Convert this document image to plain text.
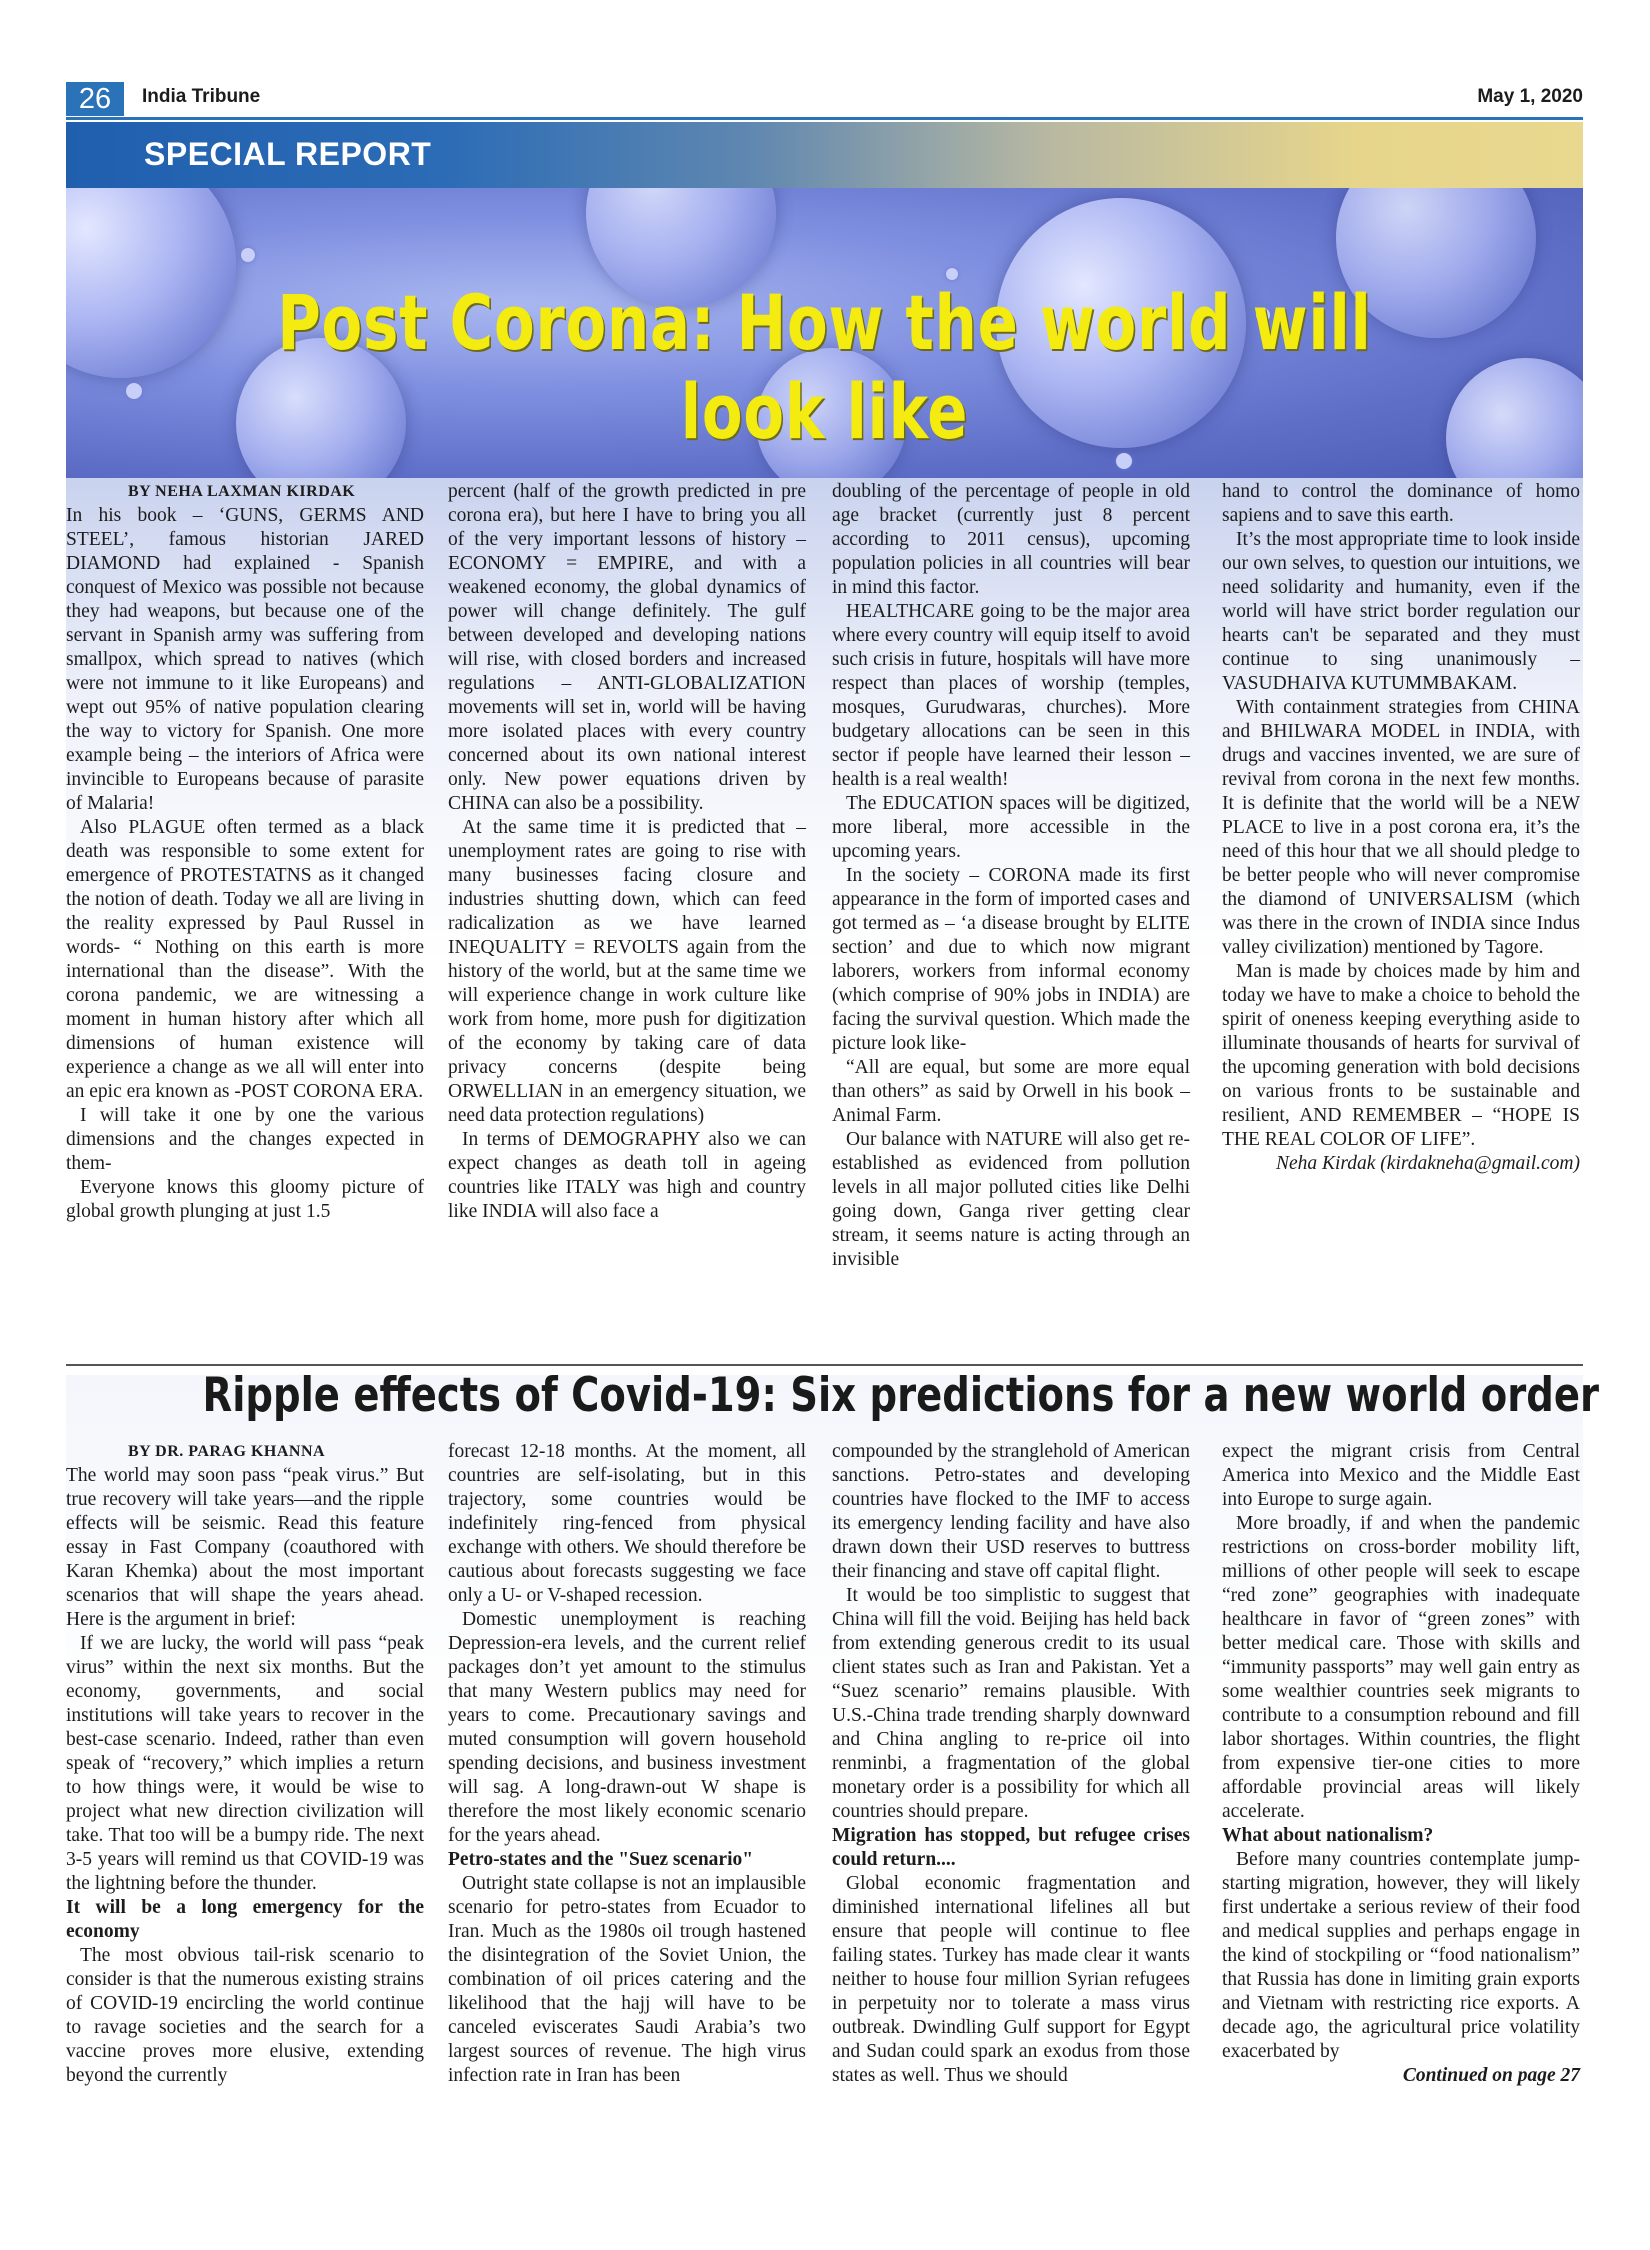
26	India Tribune	May 1, 2020
SPECIAL REPORT
Post Corona: How the world will look like
BY NEHA LAXMAN KIRDAK

In his book – ‘GUNS, GERMS AND STEEL’, famous historian JARED DIAMOND had explained - Spanish conquest of Mexico was possible not because they had weapons, but because one of the servant in Spanish army was suffering from smallpox, which spread to natives (which were not immune to it like Europeans) and wept out 95% of native population clearing the way to victory for Spanish. One more example being – the interiors of Africa were invincible to Europeans because of parasite of Malaria!

Also PLAGUE often termed as a black death was responsible to some extent for emergence of PROTESTATNS as it changed the notion of death. Today we all are living in the reality expressed by Paul Russel in words- “ Nothing on this earth is more international than the disease”. With the corona pandemic, we are witnessing a moment in human history after which all dimensions of human existence will experience a change as we all will enter into an epic era known as -POST CORONA ERA.

I will take it one by one the various dimensions and the changes expected in them-

Everyone knows this gloomy picture of global growth plunging at just 1.5

percent (half of the growth predicted in pre corona era), but here I have to bring you all of the very important lessons of history – ECONOMY = EMPIRE, and with a weakened economy, the global dynamics of power will change definitely. The gulf between developed and developing nations will rise, with closed borders and increased regulations – ANTI-GLOBALIZATION movements will set in, world will be having more isolated places with every country concerned about its own national interest only. New power equations driven by CHINA can also be a possibility.

At the same time it is predicted that – unemployment rates are going to rise with many businesses facing closure and industries shutting down, which can feed radicalization as we have learned INEQUALITY = REVOLTS again from the history of the world, but at the same time we will experience change in work culture like work from home, more push for digitization of the economy by taking care of data privacy concerns (despite being ORWELLIAN in an emergency situation, we need data protection regulations)

In terms of DEMOGRAPHY also we can expect changes as death toll in ageing countries like ITALY was high and country like INDIA will also face a

doubling of the percentage of people in old age bracket (currently just 8 percent according to 2011 census), upcoming population policies in all countries will bear in mind this factor.

HEALTHCARE going to be the major area where every country will equip itself to avoid such crisis in future, hospitals will have more respect than places of worship (temples, mosques, Gurudwaras, churches). More budgetary allocations can be seen in this sector if people have learned their lesson – health is a real wealth!

The EDUCATION spaces will be digitized, more liberal, more accessible in the upcoming years.

In the society – CORONA made its first appearance in the form of imported cases and got termed as – ‘a disease brought by ELITE section’ and due to which now migrant laborers, workers from informal economy (which comprise of 90% jobs in INDIA) are facing the survival question. Which made the picture look like-

“All are equal, but some are more equal than others” as said by Orwell in his book –Animal Farm.

Our balance with NATURE will also get re-established as evidenced from pollution levels in all major polluted cities like Delhi going down, Ganga river getting clear stream, it seems nature is acting through an invisible

hand to control the dominance of homo sapiens and to save this earth.

It’s the most appropriate time to look inside our own selves, to question our intuitions, we need solidarity and humanity, even if the world will have strict border regulation our hearts can't be separated and they must continue to sing unanimously –VASUDHAIVA KUTUMMBAKAM.

With containment strategies from CHINA and BHILWARA MODEL in INDIA, with drugs and vaccines invented, we are sure of revival from corona in the next few months. It is definite that the world will be a NEW PLACE to live in a post corona era, it’s the need of this hour that we all should pledge to be better people who will never compromise the diamond of UNIVERSALISM (which was there in the crown of INDIA since Indus valley civilization) mentioned by Tagore.

Man is made by choices made by him and today we have to make a choice to behold the spirit of oneness keeping everything aside to illuminate thousands of hearts for survival of the upcoming generation with bold decisions on various fronts to be sustainable and resilient, AND REMEMBER – “HOPE IS THE REAL COLOR OF LIFE”.

Neha Kirdak (kirdakneha@gmail.com)
Ripple effects of Covid-19: Six predictions for a new world order
BY DR. PARAG KHANNA

The world may soon pass “peak virus.” But true recovery will take years—and the ripple effects will be seismic. Read this feature essay in Fast Company (coauthored with Karan Khemka) about the most important scenarios that will shape the years ahead. Here is the argument in brief:

If we are lucky, the world will pass “peak virus” within the next six months. But the economy, governments, and social institutions will take years to recover in the best-case scenario. Indeed, rather than even speak of “recovery,” which implies a return to how things were, it would be wise to project what new direction civilization will take. That too will be a bumpy ride. The next 3-5 years will remind us that COVID-19 was the lightning before the thunder.

It will be a long emergency for the economy

The most obvious tail-risk scenario to consider is that the numerous existing strains of COVID-19 encircling the world continue to ravage societies and the search for a vaccine proves more elusive, extending beyond the currently

forecast 12-18 months. At the moment, all countries are self-isolating, but in this trajectory, some countries would be indefinitely ring-fenced from physical exchange with others. We should therefore be cautious about forecasts suggesting we face only a U- or V-shaped recession.

Domestic unemployment is reaching Depression-era levels, and the current relief packages don’t yet amount to the stimulus that many Western publics may need for years to come. Precautionary savings and muted consumption will govern household spending decisions, and business investment will sag. A long-drawn-out W shape is therefore the most likely economic scenario for the years ahead.

Petro-states and the "Suez scenario"

Outright state collapse is not an implausible scenario for petro-states from Ecuador to Iran. Much as the 1980s oil trough hastened the disintegration of the Soviet Union, the combination of oil prices catering and the likelihood that the hajj will have to be canceled eviscerates Saudi Arabia’s two largest sources of revenue. The high virus infection rate in Iran has been

compounded by the stranglehold of American sanctions. Petro-states and developing countries have flocked to the IMF to access its emergency lending facility and have also drawn down their USD reserves to buttress their financing and stave off capital flight.

It would be too simplistic to suggest that China will fill the void. Beijing has held back from extending generous credit to its usual client states such as Iran and Pakistan. Yet a “Suez scenario” remains plausible. With U.S.-China trade trending sharply downward and China angling to re-price oil into renminbi, a fragmentation of the global monetary order is a possibility for which all countries should prepare.

Migration has stopped, but refugee crises could return....

Global economic fragmentation and diminished international lifelines all but ensure that people will continue to flee failing states. Turkey has made clear it wants neither to house four million Syrian refugees in perpetuity nor to tolerate a mass virus outbreak. Dwindling Gulf support for Egypt and Sudan could spark an exodus from those states as well. Thus we should

expect the migrant crisis from Central America into Mexico and the Middle East into Europe to surge again.

More broadly, if and when the pandemic restrictions on cross-border mobility lift, millions of other people will seek to escape “red zone” geographies with inadequate healthcare in favor of “green zones” with better medical care. Those with skills and “immunity passports” may well gain entry as some wealthier countries seek migrants to contribute to a consumption rebound and fill labor shortages. Within countries, the flight from expensive tier-one cities to more affordable provincial areas will likely accelerate.

What about nationalism?

Before many countries contemplate jump-starting migration, however, they will likely first undertake a serious review of their food and medical supplies and perhaps engage in the kind of stockpiling or “food nationalism” that Russia has done in limiting grain exports and Vietnam with restricting rice exports. A decade ago, the agricultural price volatility exacerbated by

Continued on page 27
